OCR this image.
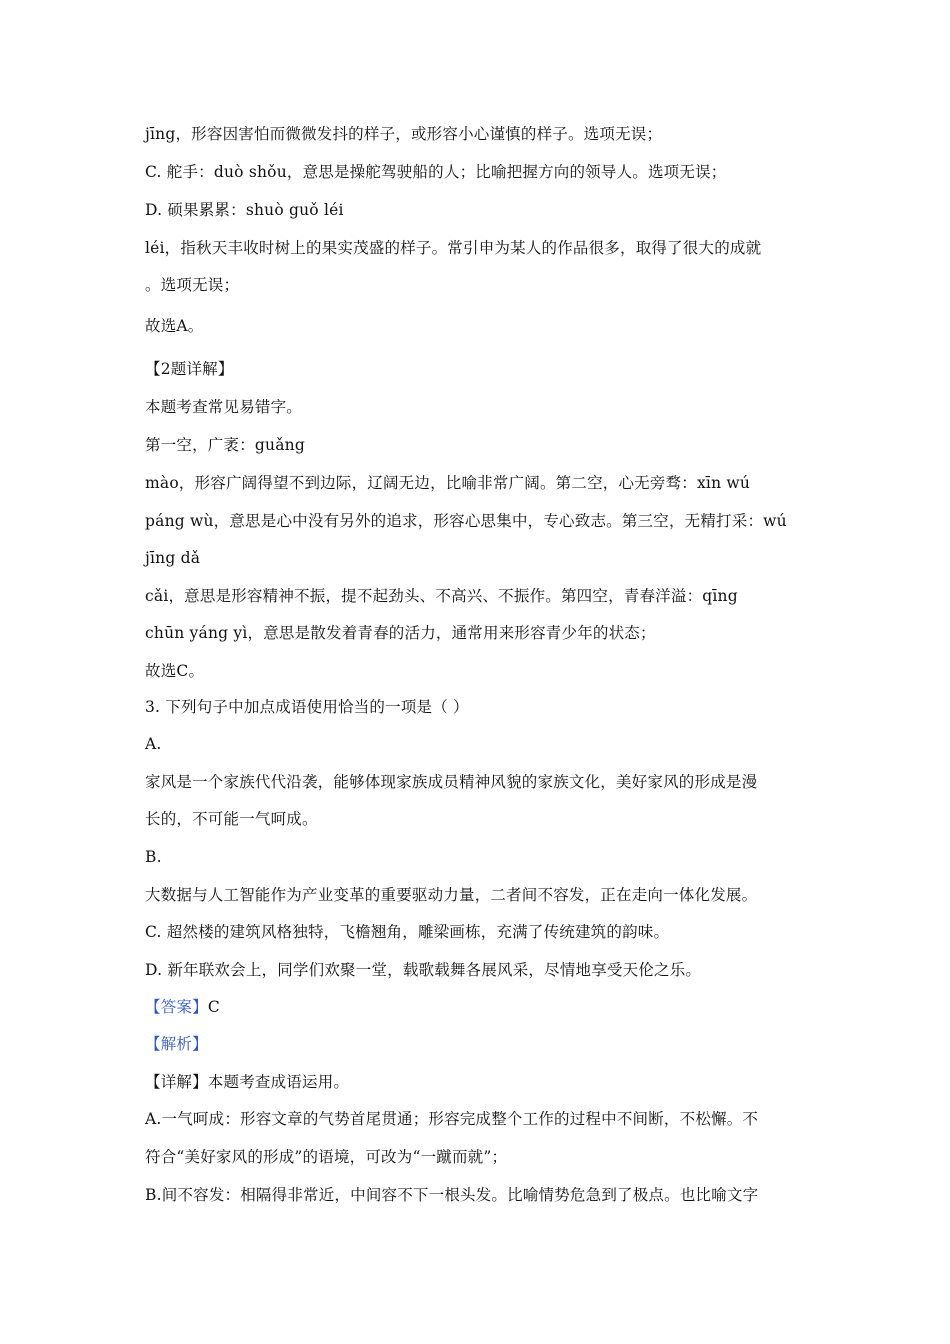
jīng，形容因害怕而微微发抖的样子，或形容小心谨慎的样子。选项无误；
C. 舵手：duò shǒu，意思是操舵驾驶船的人；比喻把握方向的领导人。选项无误；
D. 硕果累累：shuò guǒ léi
léi，指秋天丰收时树上的果实茂盛的样子。常引申为某人的作品很多，取得了很大的成就
。选项无误；
故选A。
【2题详解】
本题考查常见易错字。
第一空，广袤：guǎng
mào，形容广阔得望不到边际，辽阔无边，比喻非常广阔。第二空，心无旁骛：xīn wú
páng wù，意思是心中没有另外的追求，形容心思集中，专心致志。第三空，无精打采：wú
jīng dǎ
cǎi，意思是形容精神不振，提不起劲头、不高兴、不振作。第四空，青春洋溢：qīng
chūn yáng yì，意思是散发着青春的活力，通常用来形容青少年的状态；
故选C。
3. 下列句子中加点成语使用恰当的一项是（ ）
A.
家风是一个家族代代沿袭，能够体现家族成员精神风貌的家族文化，美好家风的形成是漫
长的，不可能一气呵成。
B.
大数据与人工智能作为产业变革的重要驱动力量，二者间不容发，正在走向一体化发展。
C. 超然楼的建筑风格独特，飞檐翘角，雕梁画栋，充满了传统建筑的韵味。
D. 新年联欢会上，同学们欢聚一堂，载歌载舞各展风采，尽情地享受天伦之乐。
【答案】C
【解析】
【详解】本题考查成语运用。
A.一气呵成：形容文章的气势首尾贯通；形容完成整个工作的过程中不间断，不松懈。不
符合“美好家风的形成”的语境，可改为“一蹴而就”；
B.间不容发：相隔得非常近，中间容不下一根头发。比喻情势危急到了极点。也比喻文字
